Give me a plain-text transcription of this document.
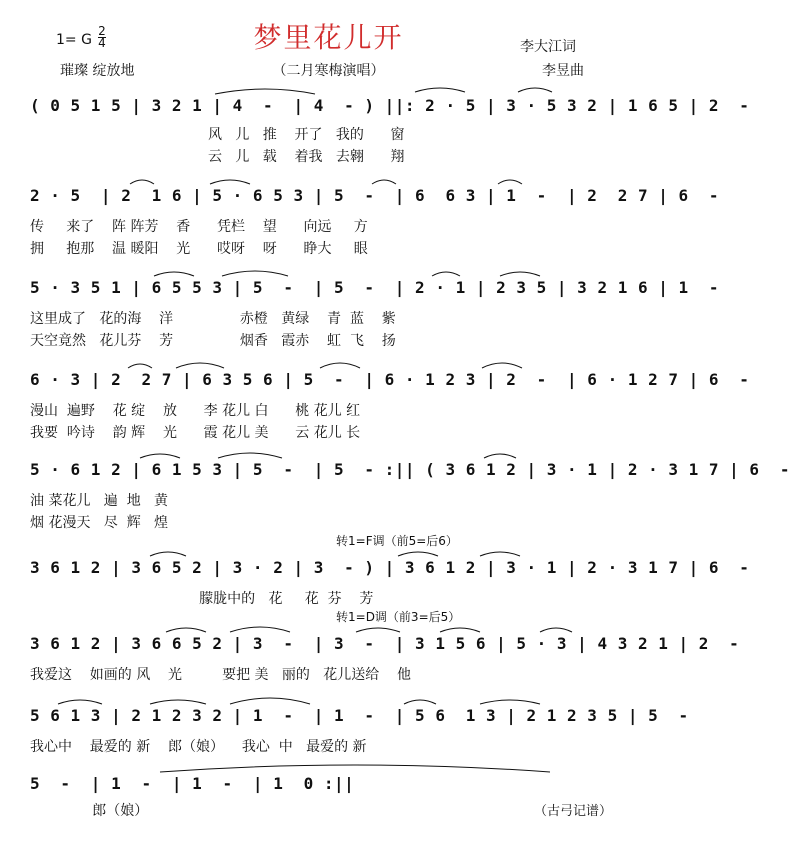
梦里花儿开
1= G
2
4
璀璨 绽放地	（二月寒梅演唱）
李大江词
李昱曲
( 0 5 1 5 | 3 2 1 | 4  -  | 4  - ) ||: 2 · 5 | 3 · 5 3 2 | 1 6 5 | 2  -
风   儿   推    开了   我的      窗
云   儿   载    着我   去翱      翔
2 · 5  | 2  1 6 | 5 · 6 5 3 | 5  -  | 6  6 3 | 1  -  | 2  2 7 | 6  -
传     来了    阵 阵芳    香      凭栏    望      向远     方
拥     抱那    温 暖阳    光      哎呀    呀      睁大     眼
5 · 3 5 1 | 6 5 5 3 | 5  -  | 5  -  | 2 · 1 | 2 3 5 | 3 2 1 6 | 1  -
这里成了   花的海    洋               赤橙   黄绿    青  蓝    紫
天空竟然   花儿芬    芳               烟香   霞赤    虹  飞    扬
6 · 3 | 2  2 7 | 6 3 5 6 | 5  -  | 6 · 1 2 3 | 2  -  | 6 · 1 2 7 | 6  -
漫山  遍野    花 绽    放      李 花儿 白      桃 花儿 红
我要  吟诗    韵 辉    光      霞 花儿 美      云 花儿 长
5 · 6 1 2 | 6 1 5 3 | 5  -  | 5  - :|| ( 3 6 1 2 | 3 · 1 | 2 · 3 1 7 | 6  -
油 菜花儿   遍  地   黄
烟 花漫天   尽  辉   煌
转1=F调（前5=后6）
3 6 1 2 | 3 6 5 2 | 3 · 2 | 3  - ) | 3 6 1 2 | 3 · 1 | 2 · 3 1 7 | 6  -
朦胧中的   花     花  芬    芳
转1=D调（前3=后5）
3 6 1 2 | 3 6 6 5 2 | 3  -  | 3  -  | 3 1 5 6 | 5 · 3 | 4 3 2 1 | 2  -
我爱这    如画的 风    光         要把 美   丽的   花儿送给    他
5 6 1 3 | 2 1 2 3 2 | 1  -  | 1  -  | 5 6  1 3 | 2 1 2 3 5 | 5  -
我心中    最爱的 新    郎（娘）    我心  中   最爱的 新
5  -  | 1  -  | 1  -  | 1  0 :||
郎（娘）	（古弓记谱）
